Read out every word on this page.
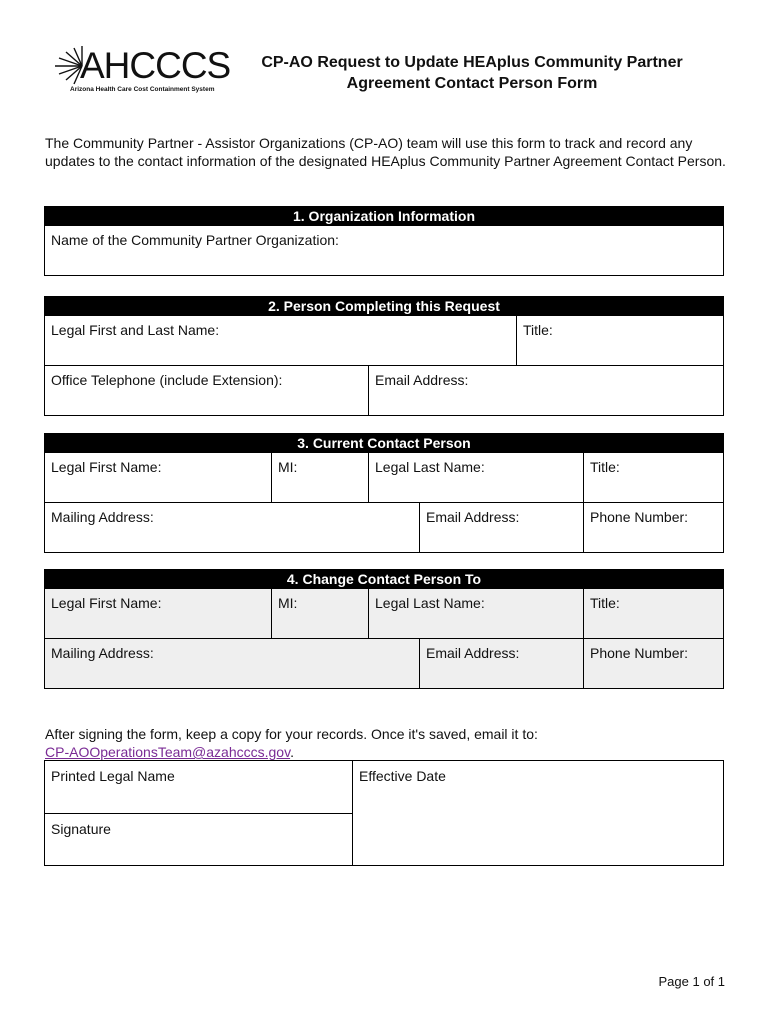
AHCCCS
Arizona Health Care Cost Containment System
CP-AO Request to Update HEAplus Community Partner Agreement Contact Person Form
The Community Partner - Assistor Organizations (CP-AO) team will use this form to track and record any updates to the contact information of the designated HEAplus Community Partner Agreement Contact Person.
1. Organization Information
Name of the Community Partner Organization:
2. Person Completing this Request
Legal First and Last Name:	Title:
Office Telephone (include Extension):	Email Address:
3. Current Contact Person
Legal First Name:	MI:	Legal Last Name:	Title:
Mailing Address:	Email Address:	Phone Number:
4. Change Contact Person To
Legal First Name:	MI:	Legal Last Name:	Title:
Mailing Address:	Email Address:	Phone Number:
After signing the form, keep a copy for your records. Once it's saved, email it to:
CP-AOOperationsTeam@azahcccs.gov.
Printed Legal Name
Signature
Effective Date
Page 1 of 1
